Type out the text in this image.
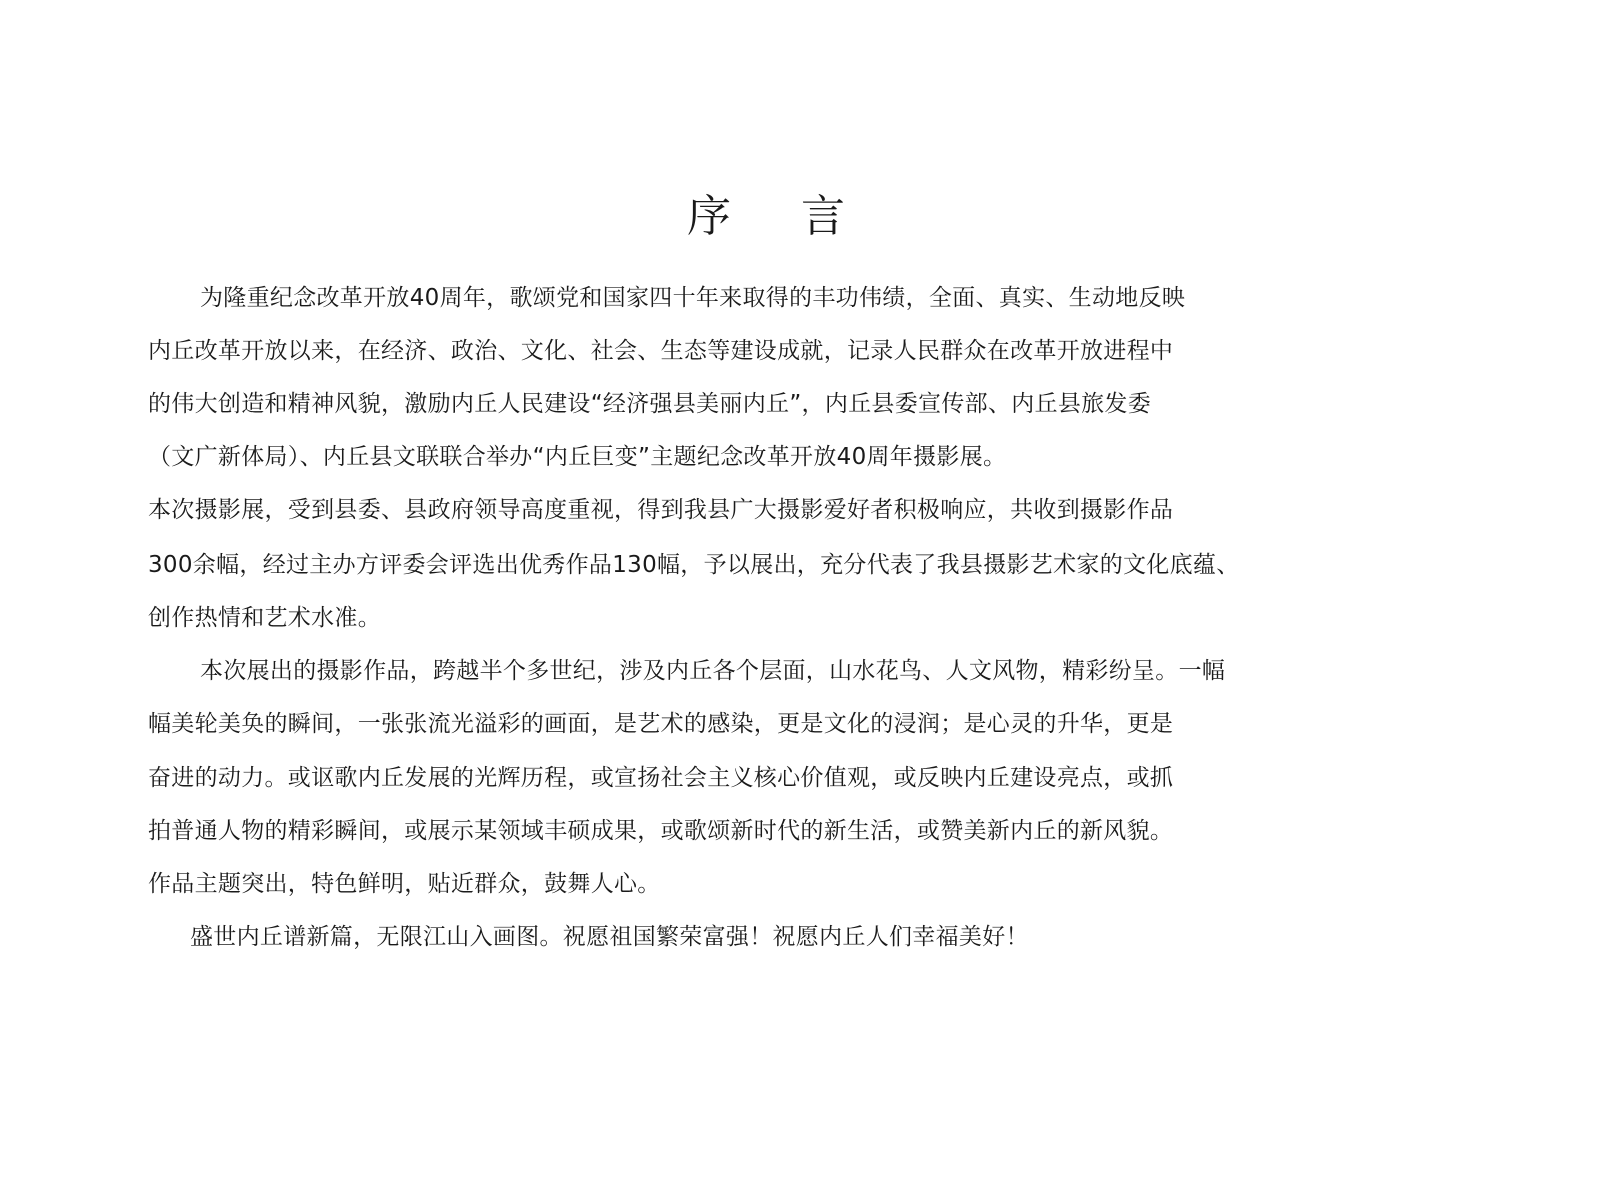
序 言
为隆重纪念改革开放40周年，歌颂党和国家四十年来取得的丰功伟绩，全面、真实、生动地反映
内丘改革开放以来，在经济、政治、文化、社会、生态等建设成就，记录人民群众在改革开放进程中
的伟大创造和精神风貌，激励内丘人民建设“经济强县美丽内丘”，内丘县委宣传部、内丘县旅发委
（文广新体局）、内丘县文联联合举办“内丘巨变”主题纪念改革开放40周年摄影展。
本次摄影展，受到县委、县政府领导高度重视，得到我县广大摄影爱好者积极响应，共收到摄影作品
300余幅，经过主办方评委会评选出优秀作品130幅，予以展出，充分代表了我县摄影艺术家的文化底蕴、
创作热情和艺术水准。
本次展出的摄影作品，跨越半个多世纪，涉及内丘各个层面，山水花鸟、人文风物，精彩纷呈。一幅
幅美轮美奂的瞬间，一张张流光溢彩的画面，是艺术的感染，更是文化的浸润；是心灵的升华，更是
奋进的动力。或讴歌内丘发展的光辉历程，或宣扬社会主义核心价值观，或反映内丘建设亮点，或抓
拍普通人物的精彩瞬间，或展示某领域丰硕成果，或歌颂新时代的新生活，或赞美新内丘的新风貌。
作品主题突出，特色鲜明，贴近群众，鼓舞人心。
盛世内丘谱新篇，无限江山入画图。祝愿祖国繁荣富强！祝愿内丘人们幸福美好！
